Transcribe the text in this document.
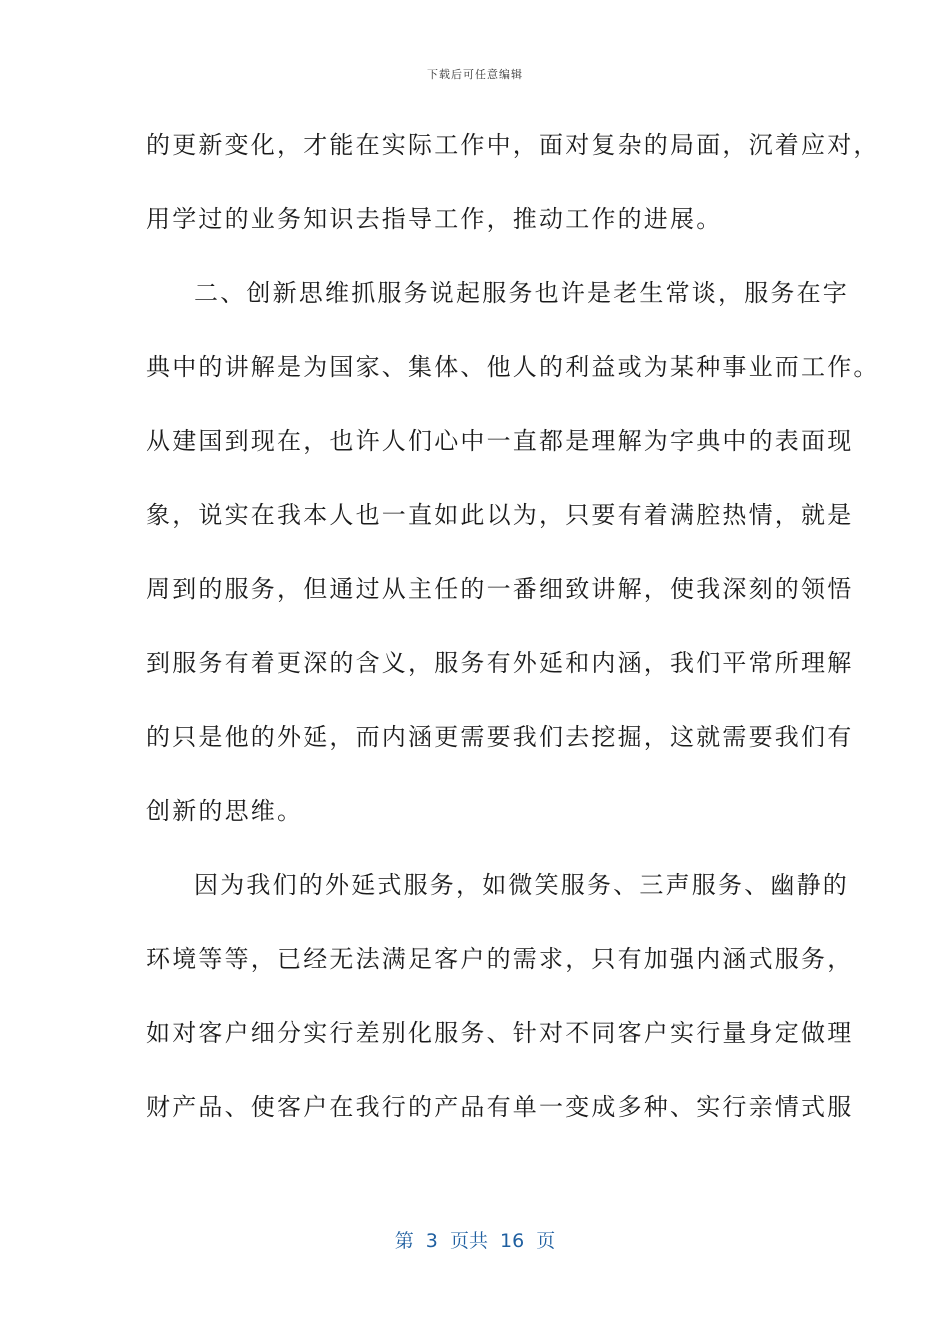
下载后可任意编辑
的更新变化，才能在实际工作中，面对复杂的局面，沉着应对，
用学过的业务知识去指导工作，推动工作的进展。
二、创新思维抓服务说起服务也许是老生常谈，服务在字
典中的讲解是为国家、集体、他人的利益或为某种事业而工作。
从建国到现在，也许人们心中一直都是理解为字典中的表面现
象，说实在我本人也一直如此以为，只要有着满腔热情，就是
周到的服务，但通过从主任的一番细致讲解，使我深刻的领悟
到服务有着更深的含义，服务有外延和内涵，我们平常所理解
的只是他的外延，而内涵更需要我们去挖掘，这就需要我们有
创新的思维。
因为我们的外延式服务，如微笑服务、三声服务、幽静的
环境等等，已经无法满足客户的需求，只有加强内涵式服务，
如对客户细分实行差别化服务、针对不同客户实行量身定做理
财产品、使客户在我行的产品有单一变成多种、实行亲情式服
第  3  页共  16  页
